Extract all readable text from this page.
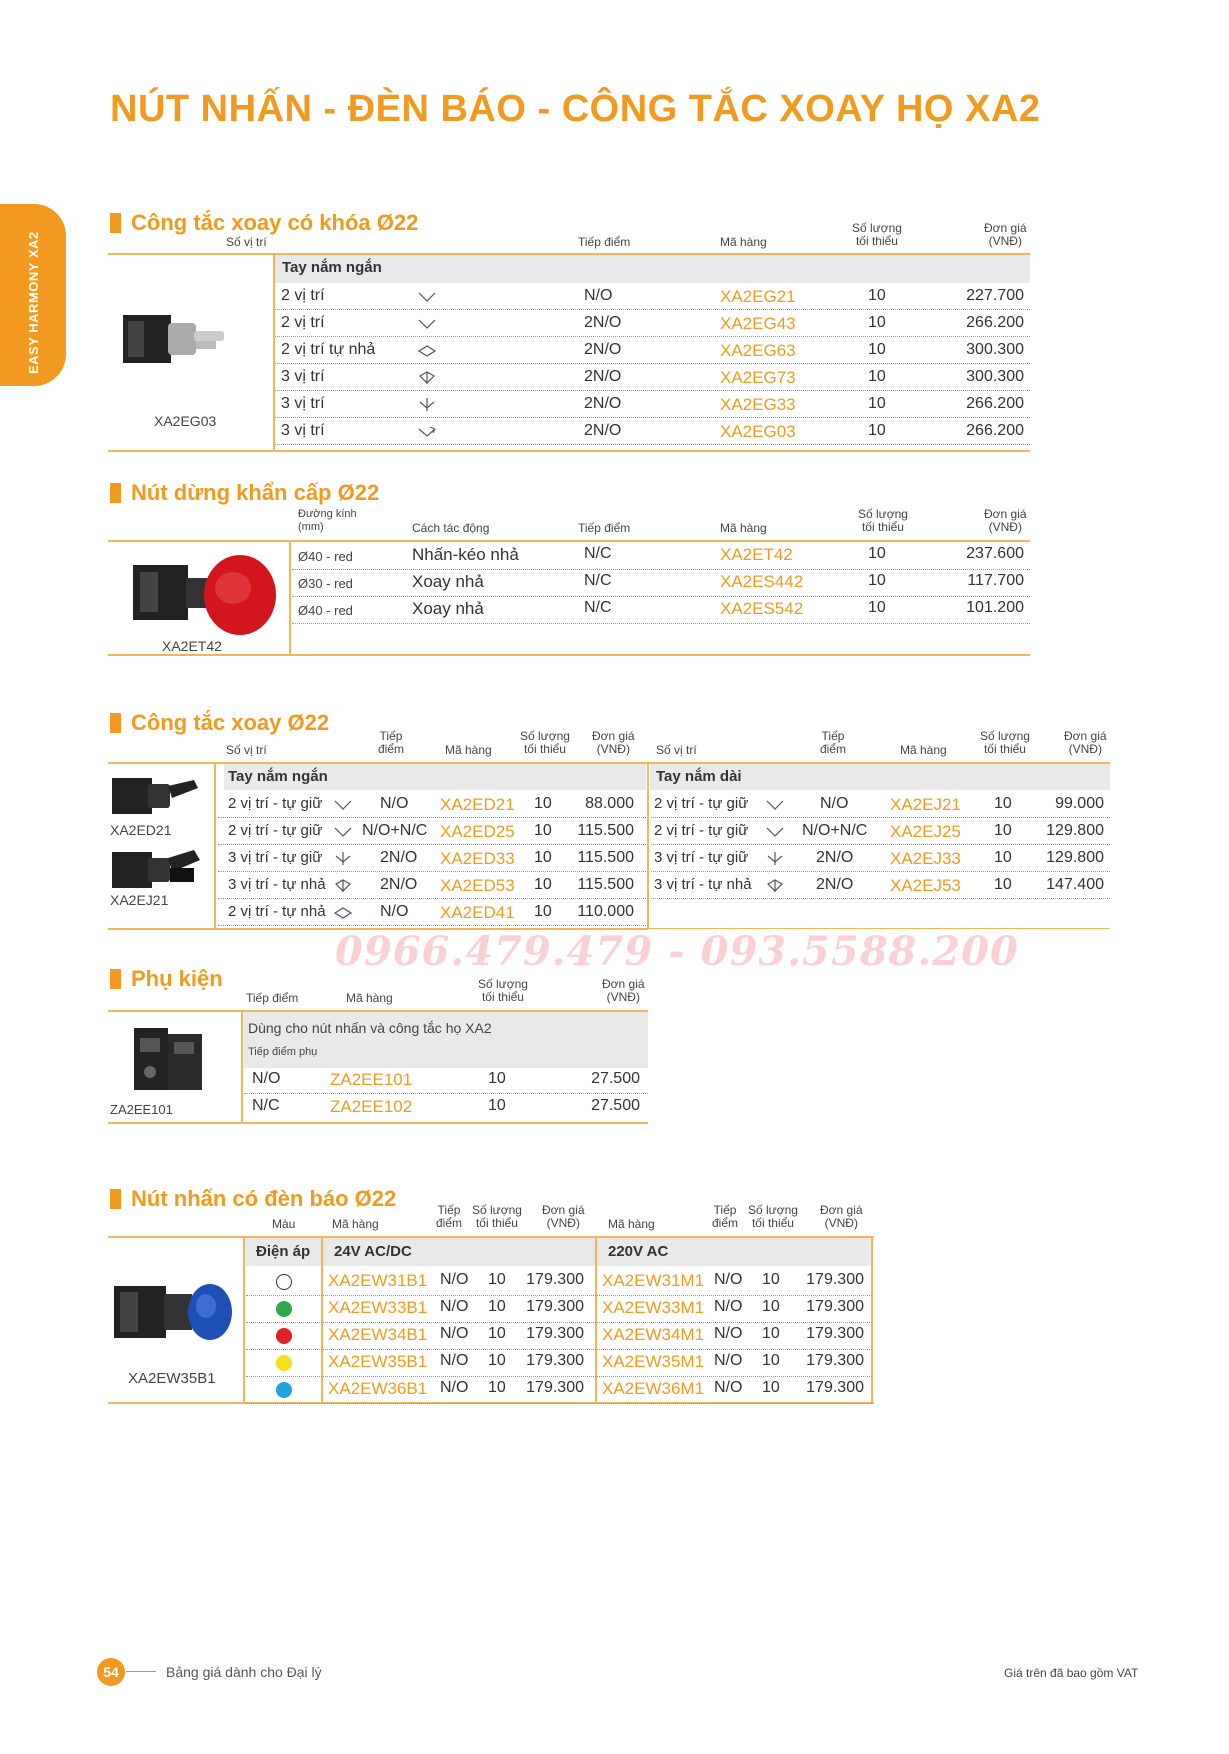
NÚT NHẤN - ĐÈN BÁO - CÔNG TẮC XOAY HỌ XA2
EASY HARMONY XA2
Công tắc xoay có khóa Ø22
Số vị trí	Tiếp điểm	Mã hàng
Số lượng
tối thiểu
Đơn giá
(VNĐ)
Tay nắm ngắn
XA2EG03
2 vị trí	N/O	XA2EG21	10	227.700
2 vị trí	2N/O	XA2EG43	10	266.200
2 vị trí tự nhả	2N/O	XA2EG63	10	300.300
3 vị trí	2N/O	XA2EG73	10	300.300
3 vị trí	2N/O	XA2EG33	10	266.200
3 vị trí	2N/O	XA2EG03	10	266.200
Nút dừng khẩn cấp Ø22
Đường kính
(mm)	Cách tác động	Tiếp điểm	Mã hàng
Số lượng
tối thiểu
Đơn giá
(VNĐ)
XA2ET42
Ø40 - red	Nhấn-kéo nhả	N/C	XA2ET42	10	237.600
Ø30 - red	Xoay nhả	N/C	XA2ES442	10	117.700
Ø40 - red	Xoay nhả	N/C	XA2ES542	10	101.200
Công tắc xoay Ø22
Số vị trí
Tiếp
điểm	Mã hàng
Số lượng
tối thiểu
Đơn giá
(VNĐ)	Số vị trí
Tiếp
điểm	Mã hàng
Số lượng
tối thiểu
Đơn giá
(VNĐ)
Tay nắm ngắn	Tay nắm dài
XA2ED21
XA2EJ21
2 vị trí - tự giữ	N/O XA2ED21 10	88.000
2 vị trí - tự giữ N/O+N/C XA2ED25 10	115.500
3 vị trí - tự giữ	2N/O XA2ED33 10	115.500
3 vị trí - tự nhả	2N/O XA2ED53 10	115.500
2 vị trí - tự nhả	N/O XA2ED41 10	110.000
2 vị trí - tự giữ	N/O XA2EJ21 10	99.000
2 vị trí - tự giữ	N/O+N/C XA2EJ25 10	129.800
3 vị trí - tự giữ	2N/O XA2EJ33 10	129.800
3 vị trí - tự nhả	2N/O XA2EJ53 10	147.400
0966.479.479 - 093.5588.200
Phụ kiện
Tiếp điểm	Mã hàng
Số lượng
tối thiểu
Đơn giá
(VNĐ)
Dùng cho nút nhấn và công tắc họ XA2
Tiếp điểm phụ
ZA2EE101
N/O	ZA2EE101	10	27.500
N/C	ZA2EE102	10	27.500
Nút nhấn có đèn báo Ø22
Màu	Mã hàng
Tiếp
điểm
Số lượng
tối thiểu
Đơn giá
(VNĐ)	Mã hàng
Tiếp
điểm
Số lượng
tối thiểu
Đơn giá
(VNĐ)
Điện áp 24V AC/DC	220V AC
XA2EW35B1
XA2EW31B1 N/O 10	179.300 XA2EW31M1 N/O 10	179.300
XA2EW33B1 N/O 10	179.300 XA2EW33M1 N/O 10	179.300
XA2EW34B1 N/O 10	179.300 XA2EW34M1 N/O 10	179.300
XA2EW35B1 N/O 10	179.300 XA2EW35M1 N/O 10	179.300
XA2EW36B1 N/O 10	179.300 XA2EW36M1 N/O 10	179.300
54	Bảng giá dành cho Đại lý	Giá trên đã bao gồm VAT
